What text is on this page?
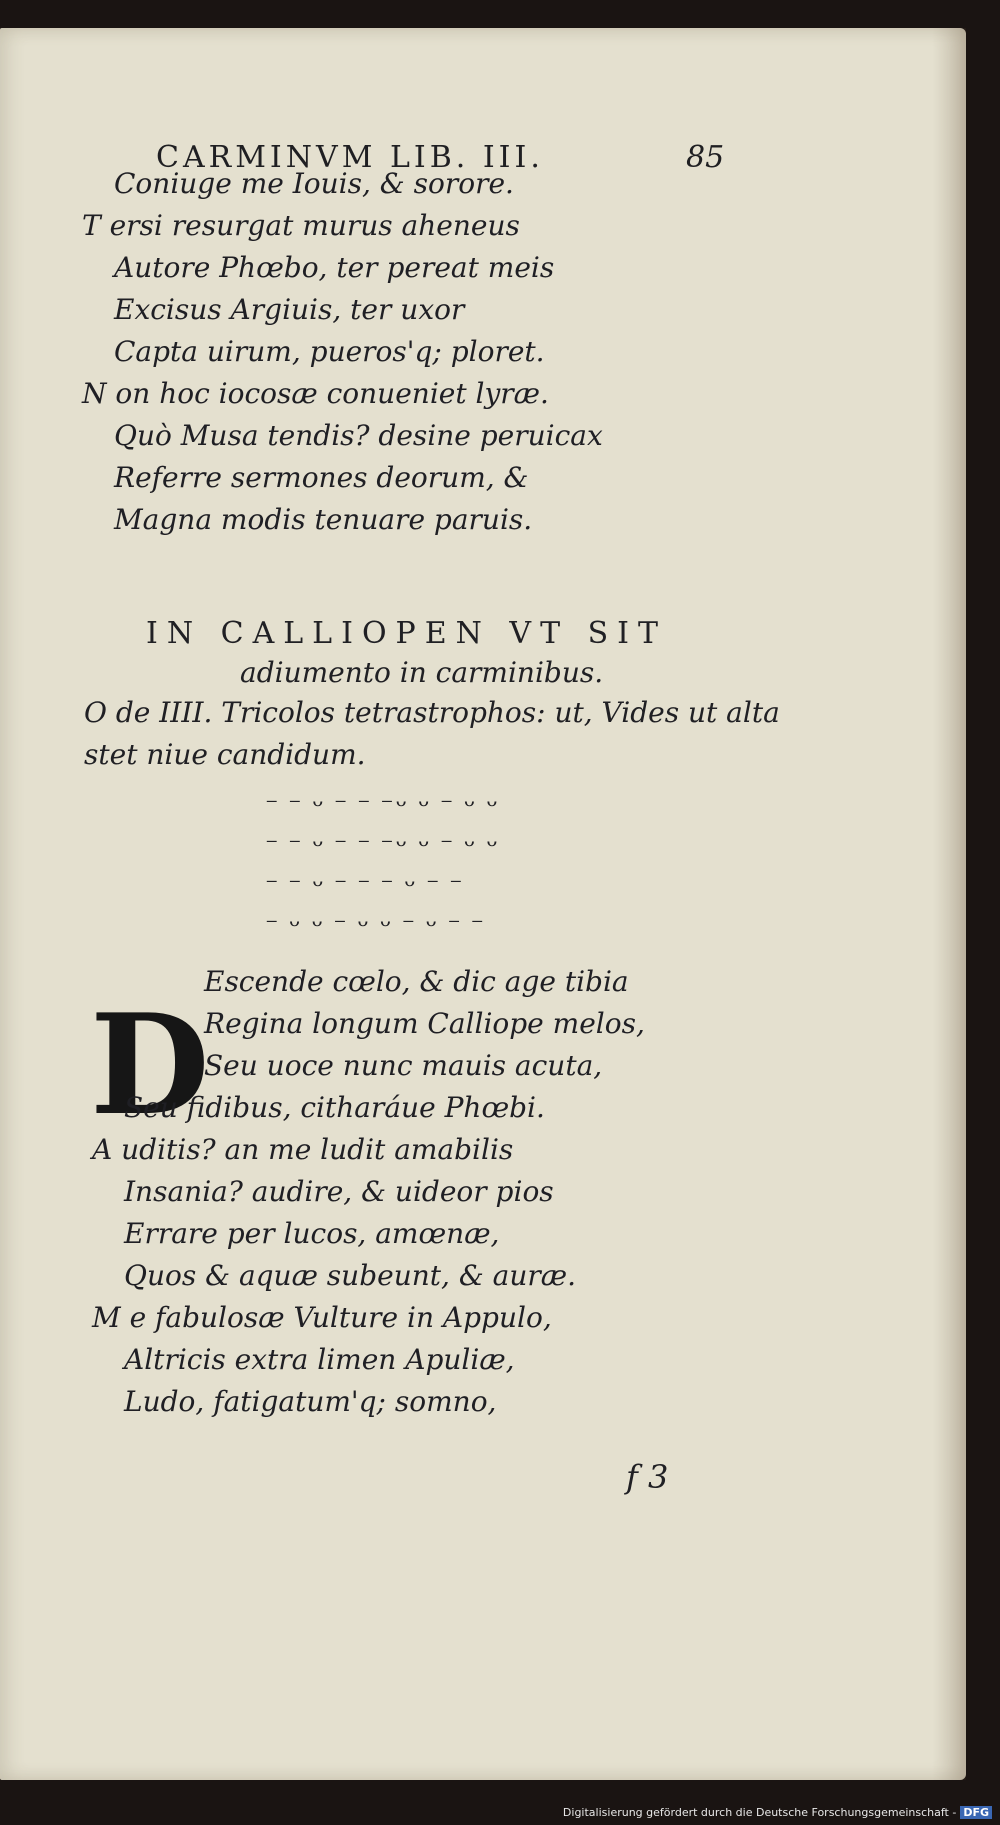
CARMINVM LIB. III.	85
Coniuge me Iouis, & sorore.
T ersi resurgat murus aheneus
Autore Phœbo, ter pereat meis
Excisus Argiuis, ter uxor
Capta uirum, pueros'q; ploret.
N on hoc iocosæ conueniet lyræ.
Quò Musa tendis? desine peruicax
Referre sermones deorum, &
Magna modis tenuare paruis.
IN CALLIOPEN VT SIT
adiumento in carminibus.
O de IIII. Tricolos tetrastrophos: ut, Vides ut alta
stet niue candidum.
‒ ‒ ᴗ ‒ ‒ ‒ᴗ ᴗ ‒ ᴗ ᴗ
‒ ‒ ᴗ ‒ ‒ ‒ᴗ ᴗ ‒ ᴗ ᴗ
‒ ‒ ᴗ ‒ ‒ ‒ ᴗ ‒ ‒
‒ ᴗ ᴗ ‒ ᴗ ᴗ ‒ ᴗ ‒ ‒
D
Escende cœlo, & dic age tibia
Regina longum Calliope melos,
Seu uoce nunc mauis acuta,
Seu fidibus, citharáue Phœbi.
A uditis? an me ludit amabilis
Insania? audire, & uideor pios
Errare per lucos, amœnæ,
Quos & aquæ subeunt, & auræ.
M e fabulosæ Vulture in Appulo,
Altricis extra limen Apuliæ,
Ludo, fatigatum'q; somno,
f 3
Digitalisierung gefördert durch die Deutsche Forschungsgemeinschaft - DFG
